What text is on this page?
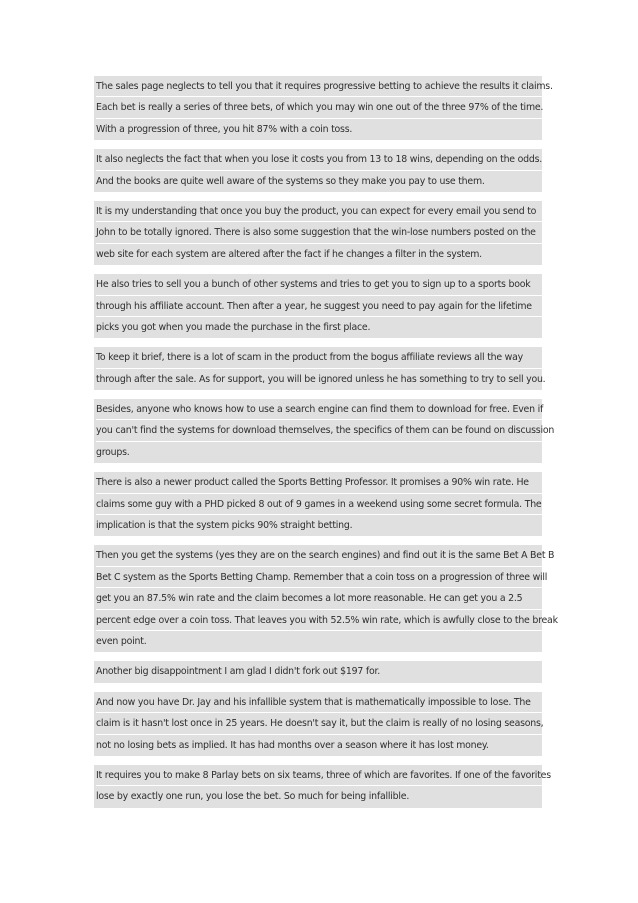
The sales page neglects to tell you that it requires progressive betting to achieve the results it claims.
Each bet is really a series of three bets, of which you may win one out of the three 97% of the time.
With a progression of three, you hit 87% with a coin toss.
It also neglects the fact that when you lose it costs you from 13 to 18 wins, depending on the odds.
And the books are quite well aware of the systems so they make you pay to use them.
It is my understanding that once you buy the product, you can expect for every email you send to
John to be totally ignored. There is also some suggestion that the win-lose numbers posted on the
web site for each system are altered after the fact if he changes a filter in the system.
He also tries to sell you a bunch of other systems and tries to get you to sign up to a sports book
through his affiliate account. Then after a year, he suggest you need to pay again for the lifetime
picks you got when you made the purchase in the first place.
To keep it brief, there is a lot of scam in the product from the bogus affiliate reviews all the way
through after the sale. As for support, you will be ignored unless he has something to try to sell you.
Besides, anyone who knows how to use a search engine can find them to download for free. Even if
you can't find the systems for download themselves, the specifics of them can be found on discussion
groups.
There is also a newer product called the Sports Betting Professor. It promises a 90% win rate. He
claims some guy with a PHD picked 8 out of 9 games in a weekend using some secret formula. The
implication is that the system picks 90% straight betting.
Then you get the systems (yes they are on the search engines) and find out it is the same Bet A Bet B
Bet C system as the Sports Betting Champ. Remember that a coin toss on a progression of three will
get you an 87.5% win rate and the claim becomes a lot more reasonable. He can get you a 2.5
percent edge over a coin toss. That leaves you with 52.5% win rate, which is awfully close to the break
even point.
Another big disappointment I am glad I didn't fork out $197 for.
And now you have Dr. Jay and his infallible system that is mathematically impossible to lose. The
claim is it hasn't lost once in 25 years. He doesn't say it, but the claim is really of no losing seasons,
not no losing bets as implied. It has had months over a season where it has lost money.
It requires you to make 8 Parlay bets on six teams, three of which are favorites. If one of the favorites
lose by exactly one run, you lose the bet. So much for being infallible.
